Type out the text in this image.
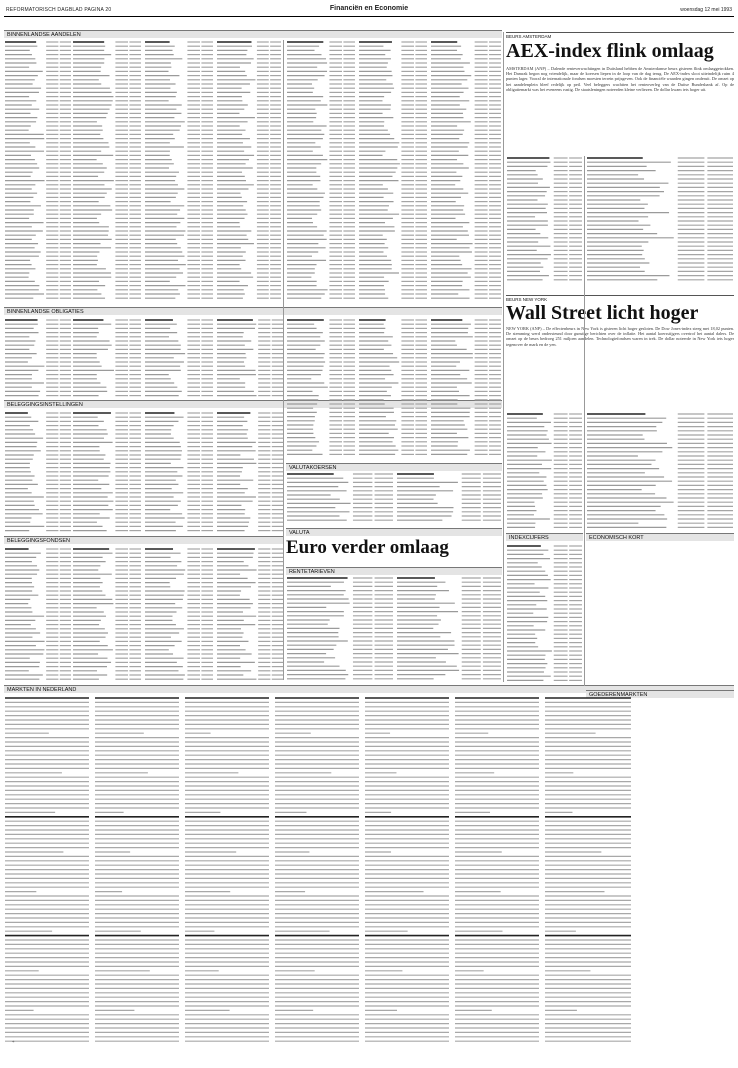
REFORMATORISCH DAGBLAD PAGINA 20	Financiën en Economie	woensdag 12 mei 1993
BINNENLANDSE AANDELEN
BINNENLANDSE OBLIGATIES
BELEGGINGSINSTELLINGEN
BELEGGINGSFONDSEN
MARKTEN IN NEDERLAND
VALUTAKOERSEN
VALUTA
RENTETARIEVEN
ECONOMISCH KORT
GOEDERENMARKTEN
INDEXCIJFERS
BEURS AMSTERDAM
AEX-index flink omlaag
AMSTERDAM (ANP) – Dalende renteverwachtingen in Duitsland hebben de Amsterdamse beurs gisteren flink omlaaggetrokken. Het Damrak begon nog vriendelijk, maar de koersen liepen in de loop van de dag terug. De AEX-index sloot uiteindelijk ruim 4 punten lager. Vooral de internationale fondsen moesten terrein prijsgeven. Ook de financiële waarden gingen onderuit. De omzet op het aandelenplein bleef redelijk op peil. Veel beleggers wachtten het renteoverleg van de Duitse Bundesbank af. Op de obligatiemarkt was het eveneens rustig. De staatsleningen noteerden kleine verliezen. De dollar kwam iets hoger uit.
BEURS NEW YORK
Wall Street licht hoger
NEW YORK (ANP) – De effectenbeurs in New York is gisteren licht hoger gesloten. De Dow Jones-index steeg met 18,02 punten. De stemming werd ondersteund door gunstige berichten over de inflatie. Het aantal koersstijgers overtrof het aantal dalers. De omzet op de beurs bedroeg 251 miljoen aandelen. Technologiefondsen waren in trek. De dollar noteerde in New York iets hoger tegenover de mark en de yen.
Euro verder omlaag
*
